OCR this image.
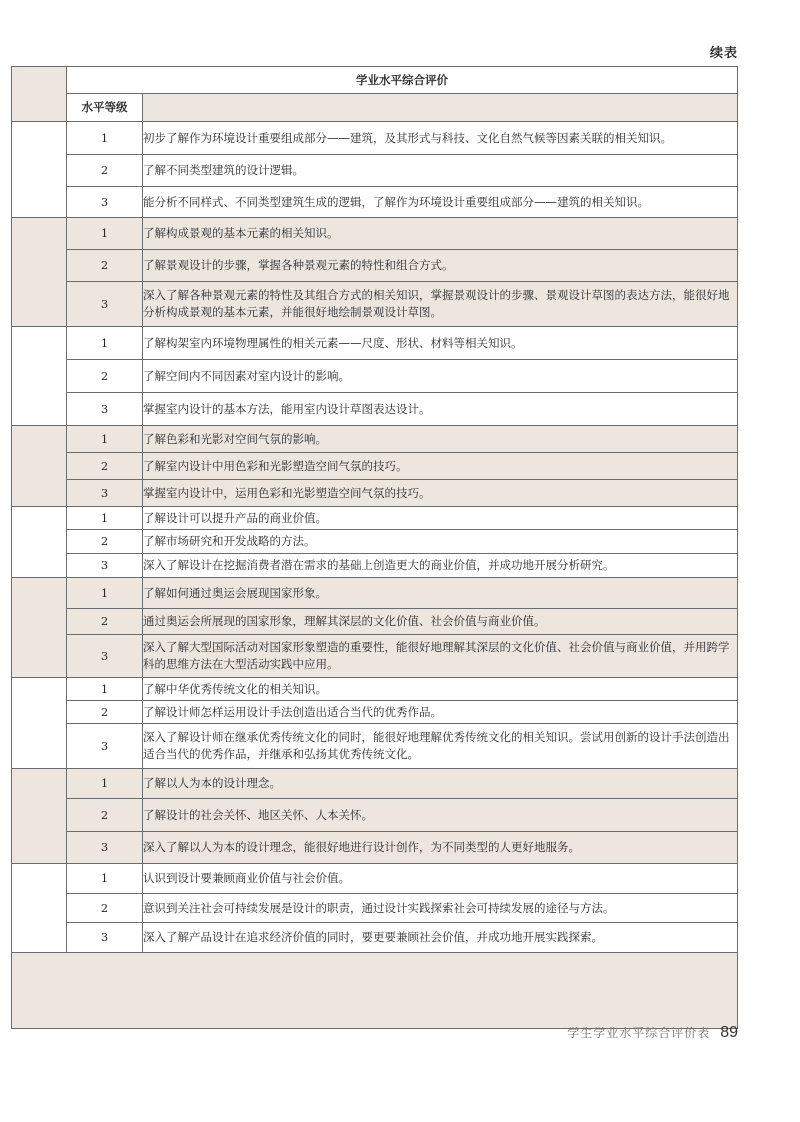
续表
	学业水平综合评价	
	水平等级	
	1	初步了解作为环境设计重要组成部分——建筑，及其形式与科技、文化自然气候等因素关联的相关知识。
	2	了解不同类型建筑的设计逻辑。
	3	能分析不同样式、不同类型建筑生成的逻辑，了解作为环境设计重要组成部分——建筑的相关知识。
	1	了解构成景观的基本元素的相关知识。
	2	了解景观设计的步骤，掌握各种景观元素的特性和组合方式。
	3	深入了解各种景观元素的特性及其组合方式的相关知识，掌握景观设计的步骤、景观设计草图的表达方法，能很好地分析构成景观的基本元素，并能很好地绘制景观设计草图。
	1	了解构架室内环境物理属性的相关元素——尺度、形状、材料等相关知识。
	2	了解空间内不同因素对室内设计的影响。
	3	掌握室内设计的基本方法，能用室内设计草图表达设计。
	1	了解色彩和光影对空间气氛的影响。
	2	了解室内设计中用色彩和光影塑造空间气氛的技巧。
	3	掌握室内设计中，运用色彩和光影塑造空间气氛的技巧。
	1	了解设计可以提升产品的商业价值。
	2	了解市场研究和开发战略的方法。
	3	深入了解设计在挖掘消费者潜在需求的基础上创造更大的商业价值，并成功地开展分析研究。
	1	了解如何通过奥运会展现国家形象。
	2	通过奥运会所展现的国家形象，理解其深层的文化价值、社会价值与商业价值。
	3	深入了解大型国际活动对国家形象塑造的重要性，能很好地理解其深层的文化价值、社会价值与商业价值，并用跨学科的思维方法在大型活动实践中应用。
	1	了解中华优秀传统文化的相关知识。
	2	了解设计师怎样运用设计手法创造出适合当代的优秀作品。
	3	深入了解设计师在继承优秀传统文化的同时，能很好地理解优秀传统文化的相关知识。尝试用创新的设计手法创造出适合当代的优秀作品，并继承和弘扬其优秀传统文化。
	1	了解以人为本的设计理念。
	2	了解设计的社会关怀、地区关怀、人本关怀。
	3	深入了解以人为本的设计理念，能很好地进行设计创作，为不同类型的人更好地服务。
	1	认识到设计要兼顾商业价值与社会价值。
	2	意识到关注社会可持续发展是设计的职责，通过设计实践探索社会可持续发展的途径与方法。
	3	深入了解产品设计在追求经济价值的同时，要更要兼顾社会价值，并成功地开展实践探索。

学生学业水平综合评价表 89
